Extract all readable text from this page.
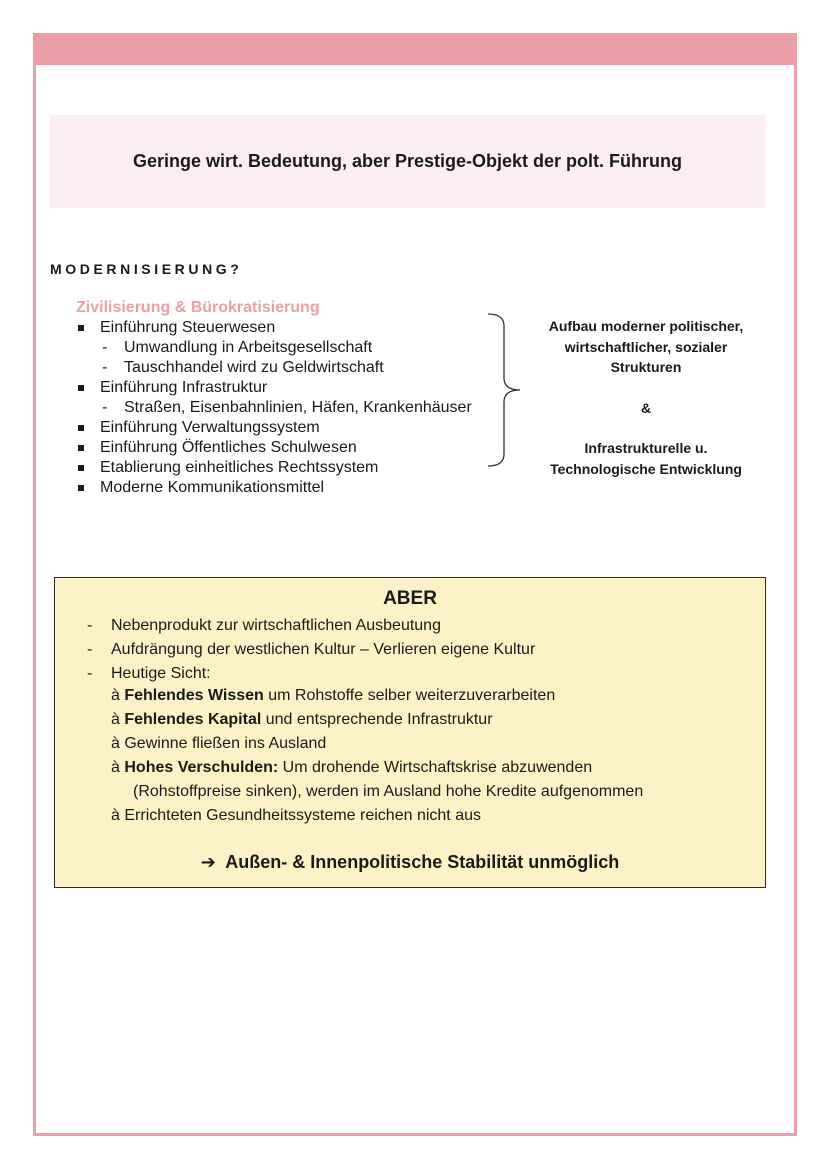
Geringe wirt. Bedeutung, aber Prestige-Objekt der polt. Führung
MODERNISIERUNG?
Zivilisierung & Bürokratisierung
Einführung Steuerwesen
- Umwandlung in Arbeitsgesellschaft
- Tauschhandel wird zu Geldwirtschaft
Einführung Infrastruktur
- Straßen, Eisenbahnlinien, Häfen, Krankenhäuser
Einführung Verwaltungssystem
Einführung Öffentliches Schulwesen
Etablierung einheitliches Rechtssystem
Moderne Kommunikationsmittel
Aufbau moderner politischer,
wirtschaftlicher, sozialer
Strukturen
&
Infrastrukturelle u.
Technologische Entwicklung
ABER
- Nebenprodukt zur wirtschaftlichen Ausbeutung
- Aufdrängung der westlichen Kultur – Verlieren eigene Kultur
- Heutige Sicht:
à Fehlendes Wissen um Rohstoffe selber weiterzuverarbeiten
à Fehlendes Kapital und entsprechende Infrastruktur
à Gewinne fließen ins Ausland
à Hohes Verschulden: Um drohende Wirtschaftskrise abzuwenden
(Rohstoffpreise sinken), werden im Ausland hohe Kredite aufgenommen
à Errichteten Gesundheitssysteme reichen nicht aus
➔ Außen- & Innenpolitische Stabilität unmöglich
